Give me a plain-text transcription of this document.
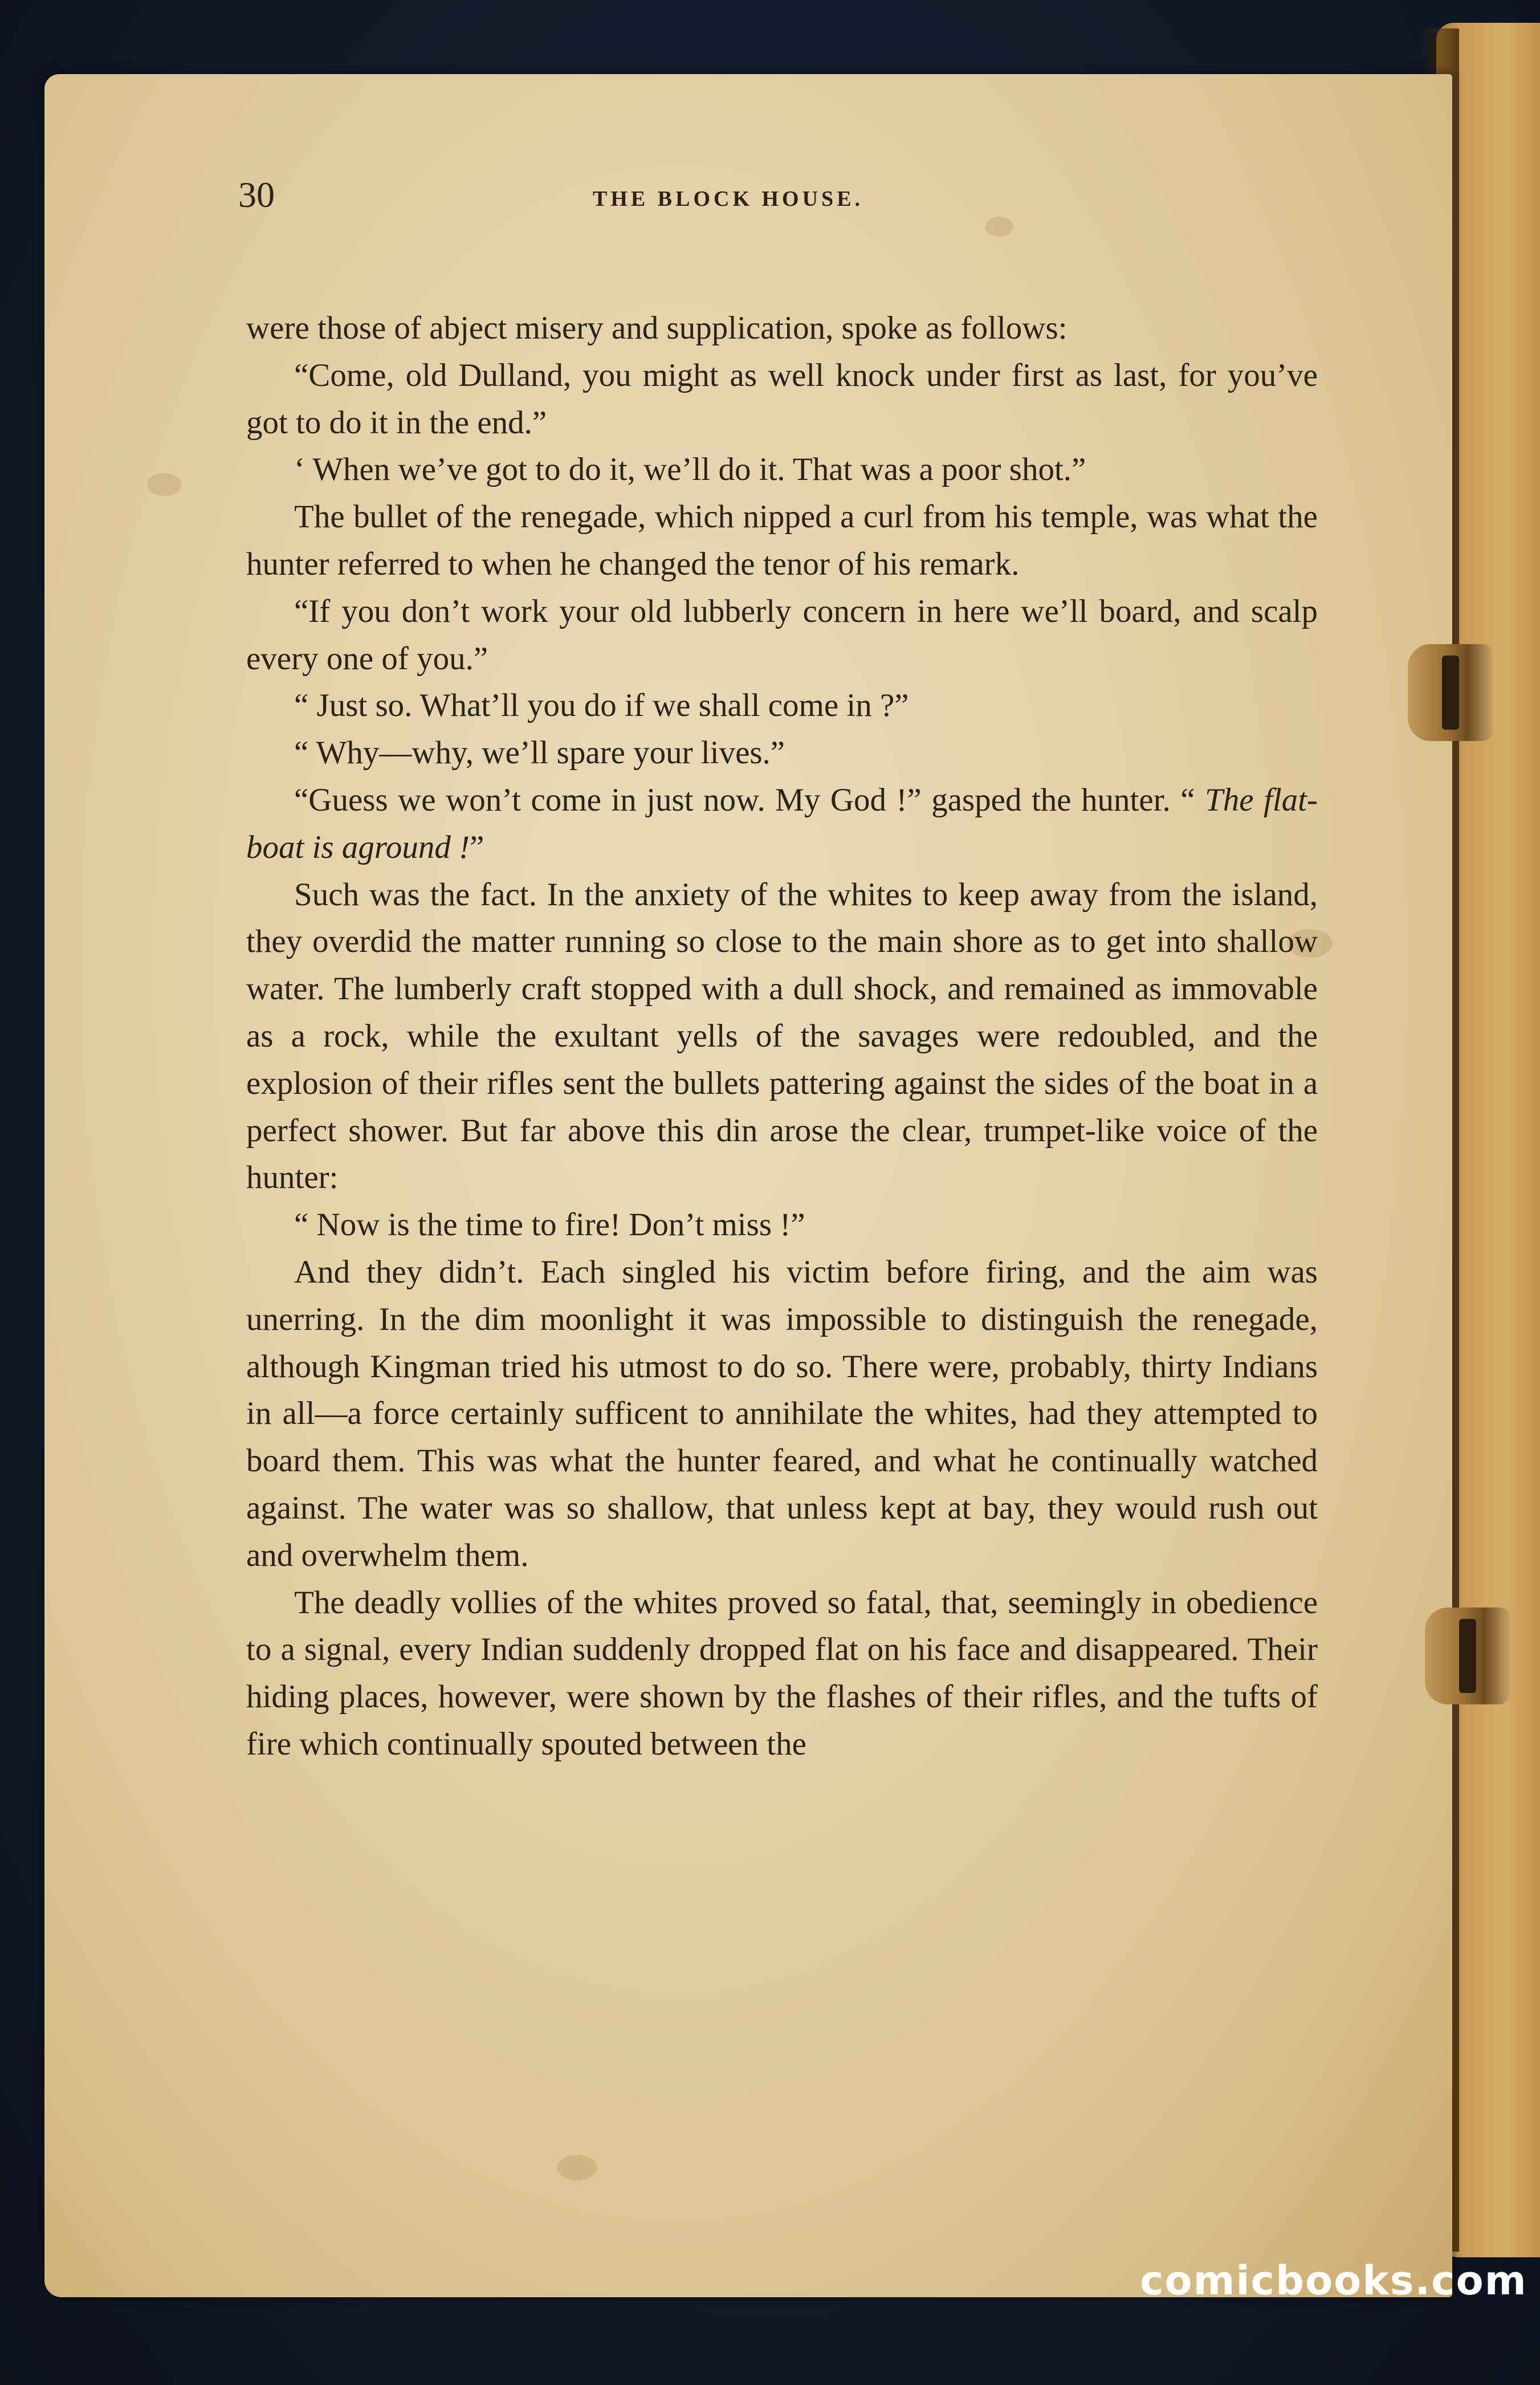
30	THE BLOCK HOUSE.

were those of abject misery and supplication, spoke as follows:

“Come, old Dulland, you might as well knock under first as last, for you’ve got to do it in the end.”

‘ When we’ve got to do it, we’ll do it. That was a poor shot.”

The bullet of the renegade, which nipped a curl from his temple, was what the hunter referred to when he changed the tenor of his remark.

“If you don’t work your old lubberly concern in here we’ll board, and scalp every one of you.”

“ Just so. What’ll you do if we shall come in ?”

“ Why—why, we’ll spare your lives.”

“Guess we won’t come in just now. My God !” gasped the hunter. “ The flat-boat is aground !”

Such was the fact. In the anxiety of the whites to keep away from the island, they overdid the matter running so close to the main shore as to get into shallow water. The lumberly craft stopped with a dull shock, and remained as immovable as a rock, while the exultant yells of the savages were redoubled, and the explosion of their rifles sent the bullets pattering against the sides of the boat in a perfect shower. But far above this din arose the clear, trumpet-like voice of the hunter:

“ Now is the time to fire! Don’t miss !”

And they didn’t. Each singled his victim before firing, and the aim was unerring. In the dim moonlight it was impossible to distinguish the renegade, although Kingman tried his utmost to do so. There were, probably, thirty Indians in all—a force certainly sufficent to annihilate the whites, had they attempted to board them. This was what the hunter feared, and what he continually watched against. The water was so shallow, that unless kept at bay, they would rush out and overwhelm them.

The deadly vollies of the whites proved so fatal, that, seemingly in obedience to a signal, every Indian suddenly dropped flat on his face and disappeared. Their hiding places, however, were shown by the flashes of their rifles, and the tufts of fire which continually spouted between the

comicbooks.com
